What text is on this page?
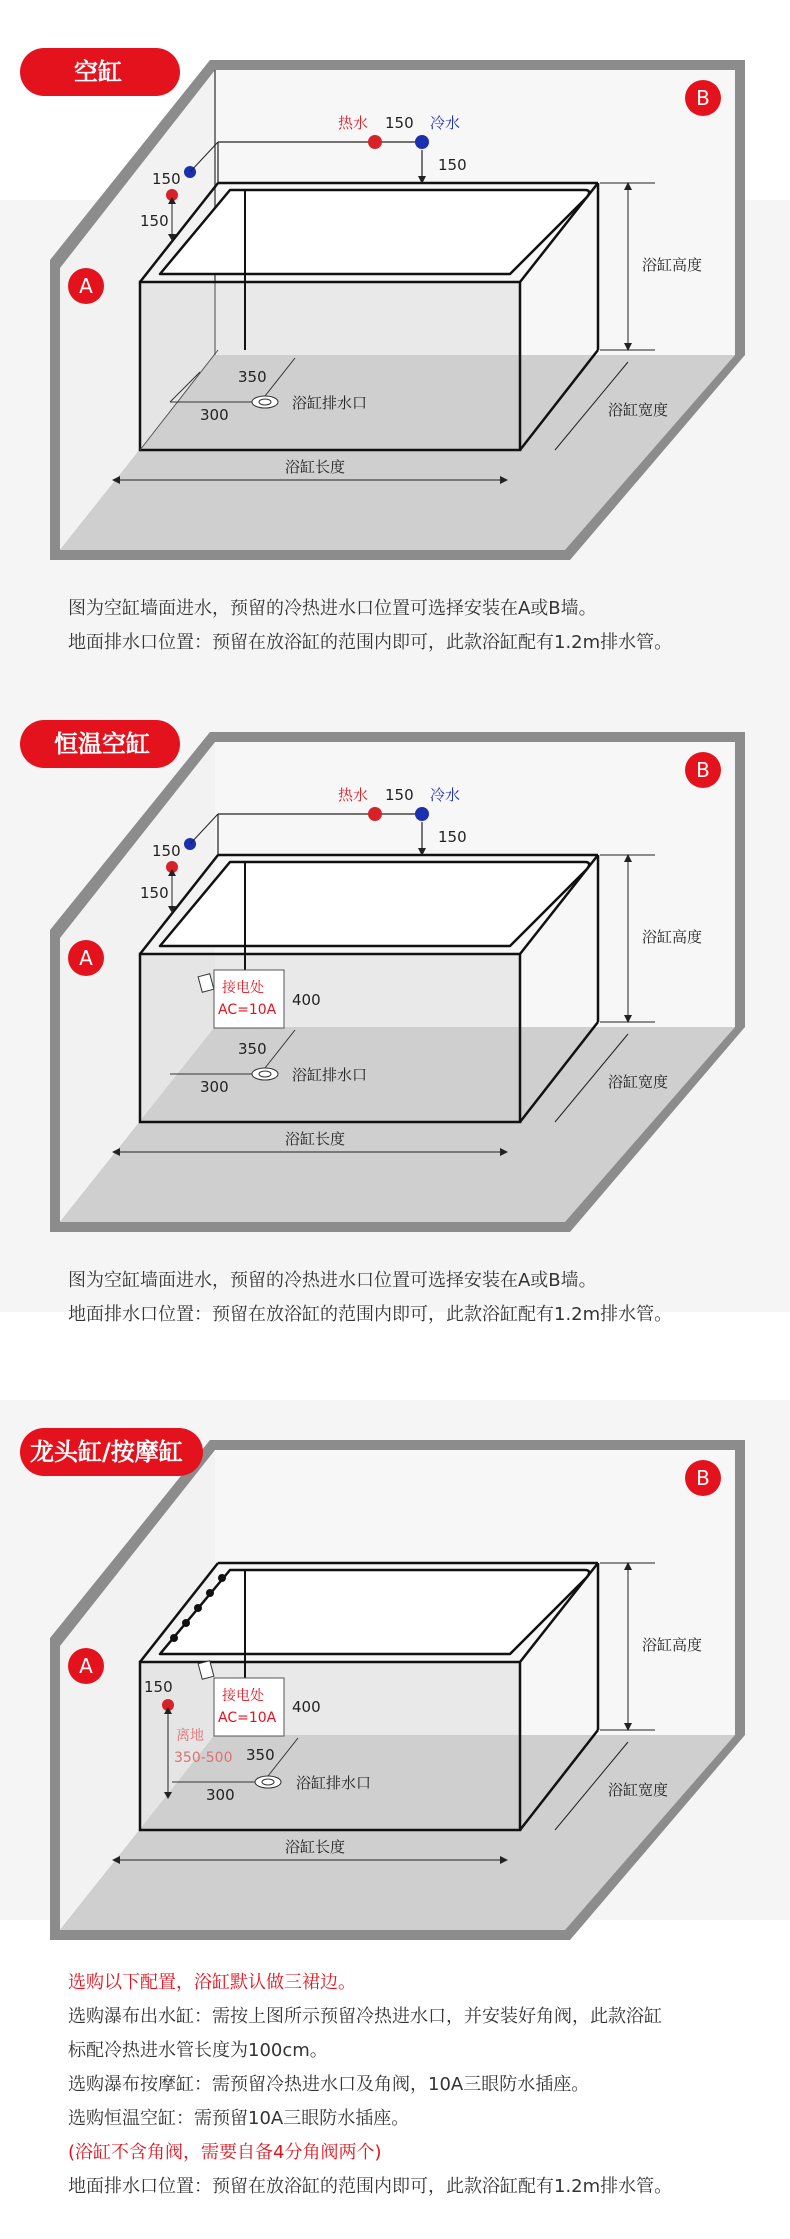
A
B
热水 150 冷水
150
150
150
浴缸高度
浴缸宽度
浴缸长度
浴缸排水口
350
300
空缸
图为空缸墙面进水，预留的冷热进水口位置可选择安装在A或B墙。
地面排水口位置：预留在放浴缸的范围内即可，此款浴缸配有1.2m排水管。
A
B
热水 150 冷水
150
150
150
浴缸高度
浴缸宽度
浴缸长度
浴缸排水口
350
300
接电处
AC=10A
400
恒温空缸
图为空缸墙面进水，预留的冷热进水口位置可选择安装在A或B墙。
地面排水口位置：预留在放浴缸的范围内即可，此款浴缸配有1.2m排水管。
A
B
150
浴缸高度
浴缸宽度
浴缸长度
浴缸排水口
350
300
接电处
AC=10A
400
离地
350-500
龙头缸/按摩缸
选购以下配置，浴缸默认做三裙边。
选购瀑布出水缸：需按上图所示预留冷热进水口，并安装好角阀，此款浴缸
标配冷热进水管长度为100cm。
选购瀑布按摩缸：需预留冷热进水口及角阀，10A三眼防水插座。
选购恒温空缸：需预留10A三眼防水插座。
(浴缸不含角阀，需要自备4分角阀两个)
地面排水口位置：预留在放浴缸的范围内即可，此款浴缸配有1.2m排水管。
